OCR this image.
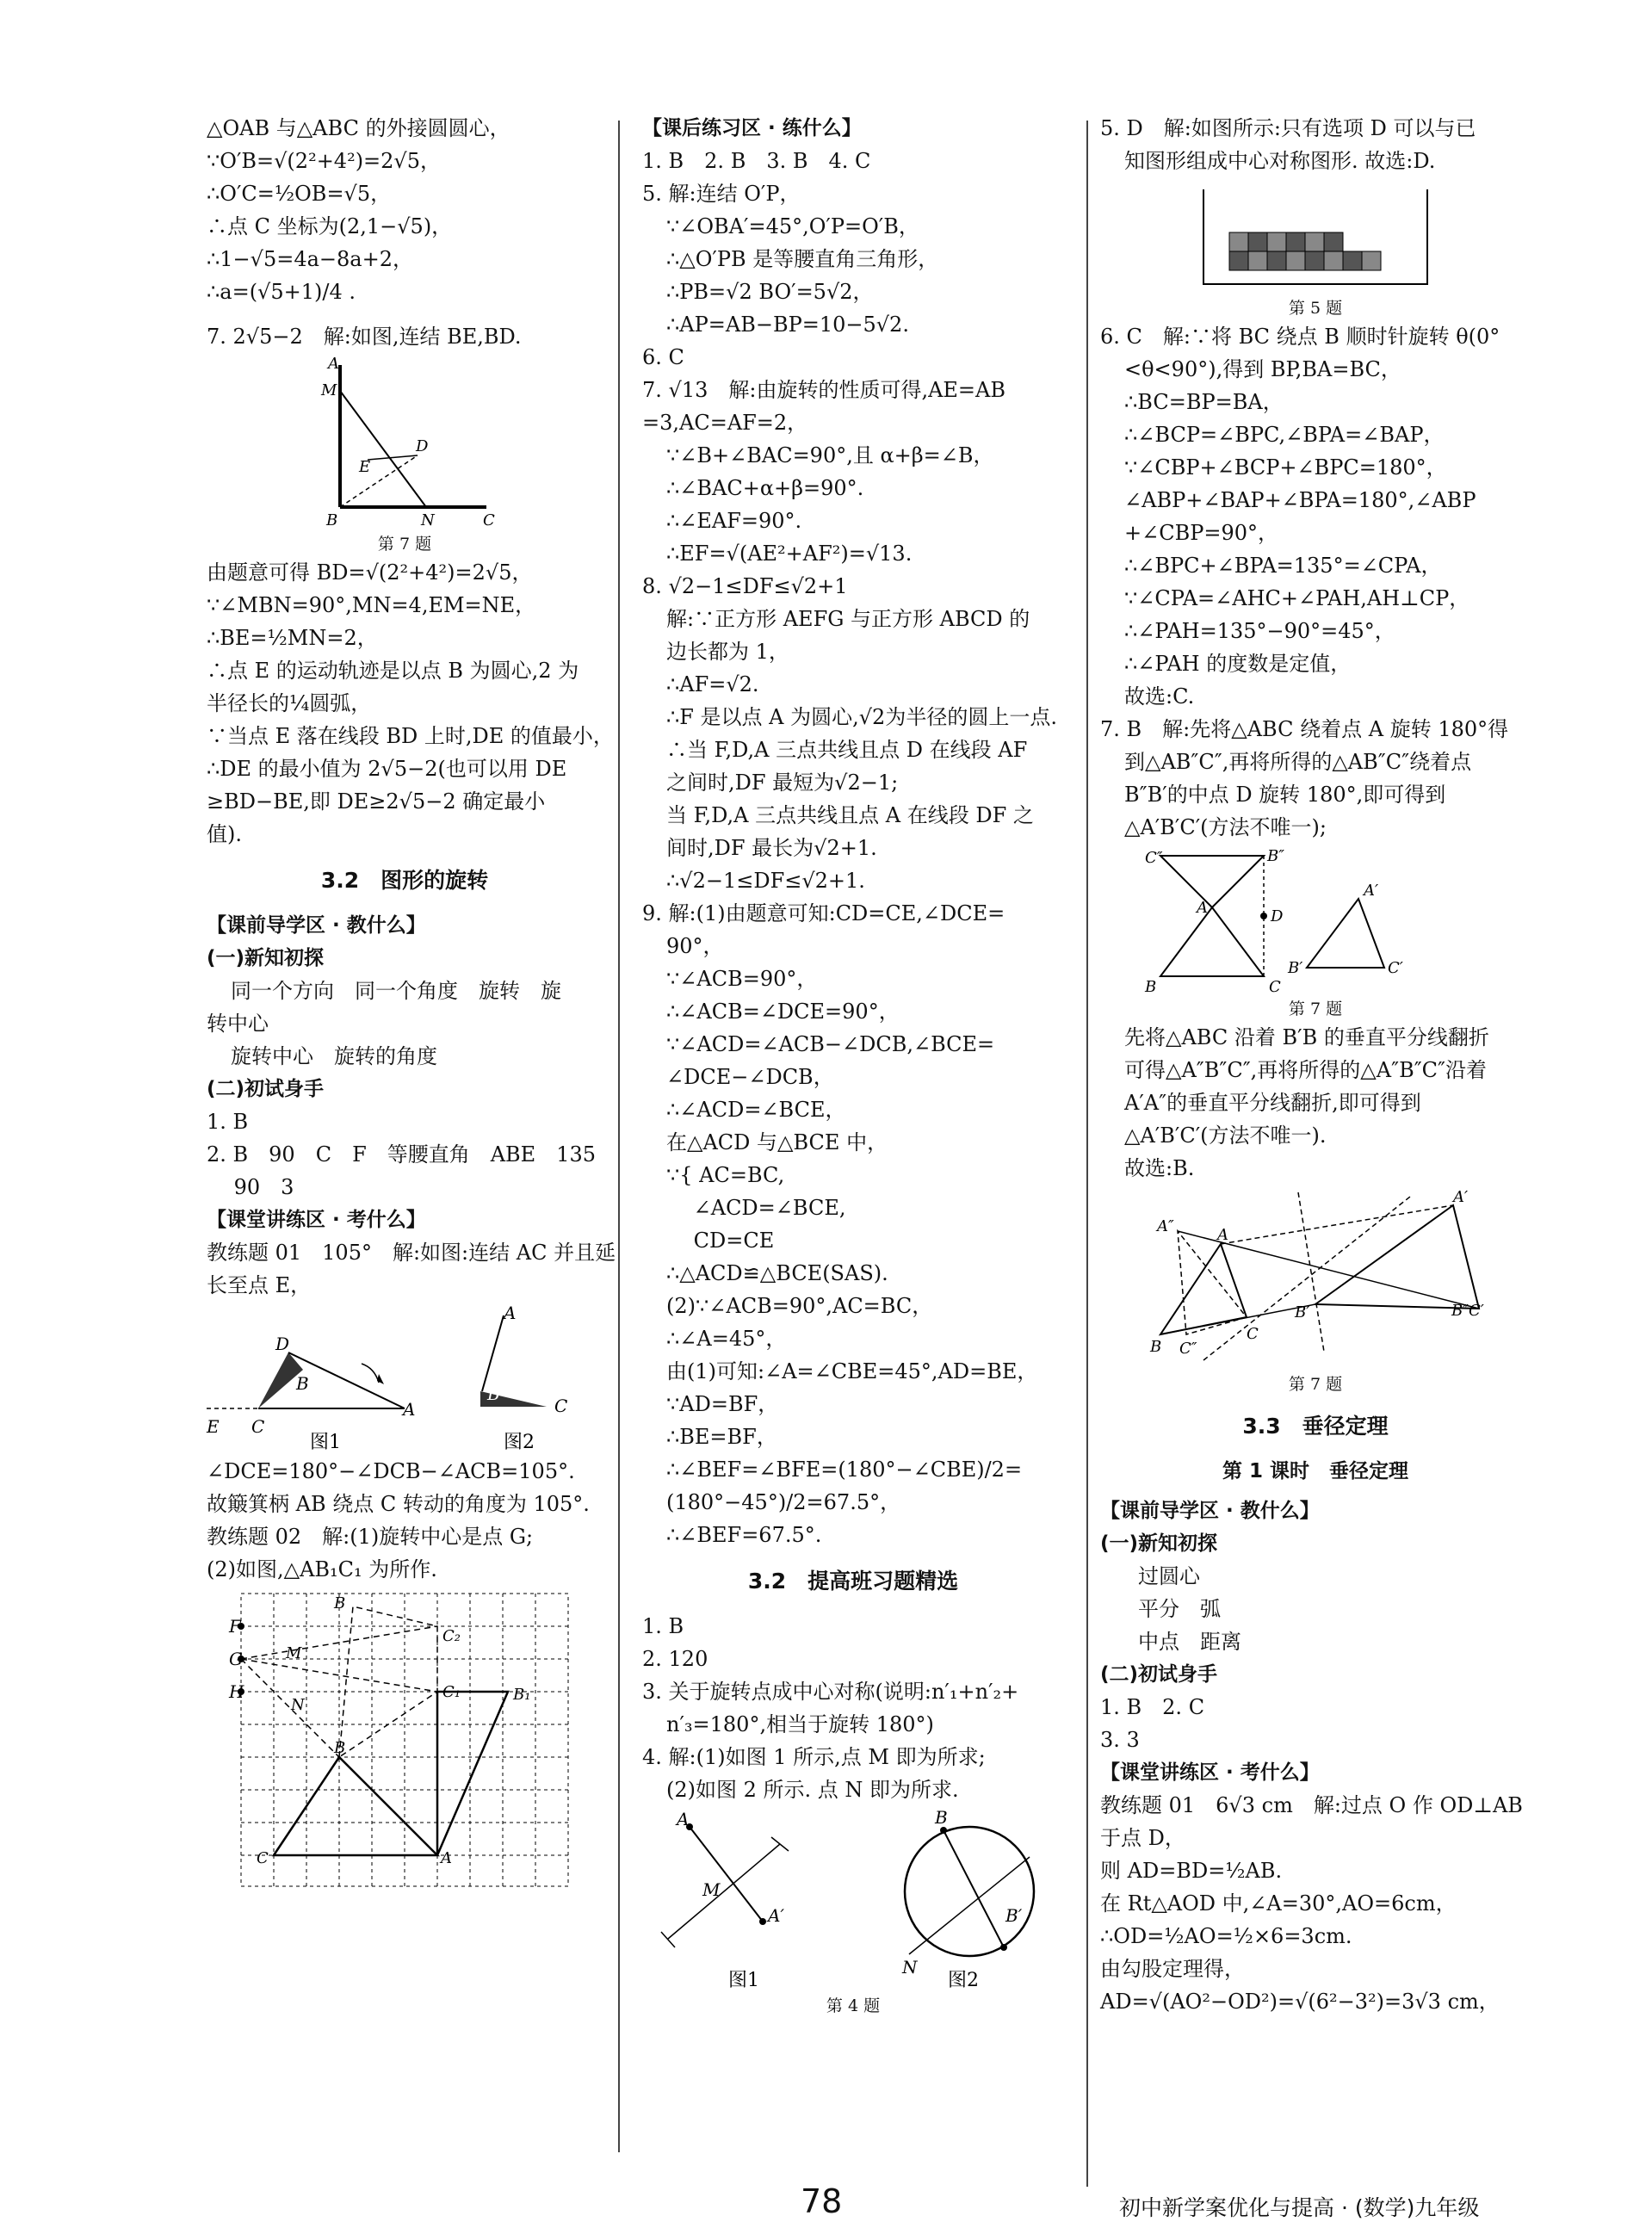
△OAB 与△ABC 的外接圆圆心，
∵O′B=√(2²+4²)=2√5，
∴O′C=½OB=√5，
∴点 C 坐标为(2,1−√5)，
∴1−√5=4a−8a+2，
∴a=(√5+1)/4 .
7. 2√5−2　解:如图,连结 BE,BD.
A
M
E
D
B	N	C
第 7 题
由题意可得 BD=√(2²+4²)=2√5，
∵∠MBN=90°,MN=4,EM=NE，
∴BE=½MN=2，
∴点 E 的运动轨迹是以点 B 为圆心,2 为
半径长的¼圆弧，
∵当点 E 落在线段 BD 上时,DE 的值最小，
∴DE 的最小值为 2√5−2(也可以用 DE
≥BD−BE,即 DE≥2√5−2 确定最小
值).
3.2　图形的旋转
【课前导学区 · 教什么】
(一)新知初探
同一个方向　同一个角度　旋转　旋
转中心
旋转中心　旋转的角度
(二)初试身手
1. B
2. B　90　C　F　等腰直角　ABE　135
　 90　3
【课堂讲练区 · 考什么】
教练题 01　105°　解:如图:连结 AC 并且延
长至点 E，
D
B
E C
A
A
B
C
图1	图2
∠DCE=180°−∠DCB−∠ACB=105°.
故簸箕柄 AB 绕点 C 转动的角度为 105°.
教练题 02　解:(1)旋转中心是点 G;
(2)如图,△AB₁C₁ 为所作.
F
G
H
M
N
B
C₂
C₁	B₁
B
C	A
【课后练习区 · 练什么】
1. B　2. B　3. B　4. C
5. 解:连结 O′P，
∵∠OBA′=45°,O′P=O′B，
∴△O′PB 是等腰直角三角形，
∴PB=√2 BO′=5√2，
∴AP=AB−BP=10−5√2.
6. C
7. √13　解:由旋转的性质可得,AE=AB
=3,AC=AF=2，
∵∠B+∠BAC=90°,且 α+β=∠B，
∴∠BAC+α+β=90°.
∴∠EAF=90°.
∴EF=√(AE²+AF²)=√13.
8. √2−1≤DF≤√2+1
解:∵正方形 AEFG 与正方形 ABCD 的
边长都为 1，
∴AF=√2.
∴F 是以点 A 为圆心,√2为半径的圆上一点.
∴当 F,D,A 三点共线且点 D 在线段 AF
之间时,DF 最短为√2−1;
当 F,D,A 三点共线且点 A 在线段 DF 之
间时,DF 最长为√2+1.
∴√2−1≤DF≤√2+1.
9. 解:(1)由题意可知:CD=CE,∠DCE=
90°，
∵∠ACB=90°，
∴∠ACB=∠DCE=90°，
∵∠ACD=∠ACB−∠DCB,∠BCE=
∠DCE−∠DCB，
∴∠ACD=∠BCE，
在△ACD 与△BCE 中，
∵{ AC=BC,
　 ∠ACD=∠BCE,
　 CD=CE
∴△ACD≌△BCE(SAS).
(2)∵∠ACB=90°,AC=BC，
∴∠A=45°，
由(1)可知:∠A=∠CBE=45°,AD=BE，
∵AD=BF，
∴BE=BF，
∴∠BEF=∠BFE=(180°−∠CBE)/2=
(180°−45°)/2=67.5°，
∴∠BEF=67.5°.
3.2　提高班习题精选
1. B
2. 120
3. 关于旋转点成中心对称(说明:n′₁+n′₂+
n′₃=180°,相当于旋转 180°)
4. 解:(1)如图 1 所示,点 M 即为所求;
(2)如图 2 所示. 点 N 即为所求.
A
M
A′
B
B′
N
图1	图2
第 4 题
5. D　解:如图所示:只有选项 D 可以与已
知图形组成中心对称图形. 故选:D.
第 5 题
6. C　解:∵将 BC 绕点 B 顺时针旋转 θ(0°
<θ<90°),得到 BP,BA=BC，
∴BC=BP=BA，
∴∠BCP=∠BPC,∠BPA=∠BAP，
∵∠CBP+∠BCP+∠BPC=180°，
∠ABP+∠BAP+∠BPA=180°,∠ABP
+∠CBP=90°，
∴∠BPC+∠BPA=135°=∠CPA，
∵∠CPA=∠AHC+∠PAH,AH⊥CP，
∴∠PAH=135°−90°=45°，
∴∠PAH 的度数是定值，
故选:C.
7. B　解:先将△ABC 绕着点 A 旋转 180°得
到△AB″C″,再将所得的△AB″C″绕着点
B″B′的中点 D 旋转 180°,即可得到
△A′B′C′(方法不唯一);
B	C
A
C″	B″
D
B′
A′
C′
第 7 题
先将△ABC 沿着 B′B 的垂直平分线翻折
可得△A″B″C″,再将所得的△A″B″C″沿着
A′A″的垂直平分线翻折,即可得到
△A′B′C′(方法不唯一).
故选:B.
B C″
C
A″	A
B′
A′
B″C′
第 7 题
3.3　垂径定理
第 1 课时　垂径定理
【课前导学区 · 教什么】
(一)新知初探
过圆心
平分　弧
中点　距离
(二)初试身手
1. B　2. C
3. 3
【课堂讲练区 · 考什么】
教练题 01　6√3 cm　解:过点 O 作 OD⊥AB
于点 D，
则 AD=BD=½AB.
在 Rt△AOD 中,∠A=30°,AO=6cm，
∴OD=½AO=½×6=3cm.
由勾股定理得，
AD=√(AO²−OD²)=√(6²−3²)=3√3 cm，
78	初中新学案优化与提高 · (数学)九年级
